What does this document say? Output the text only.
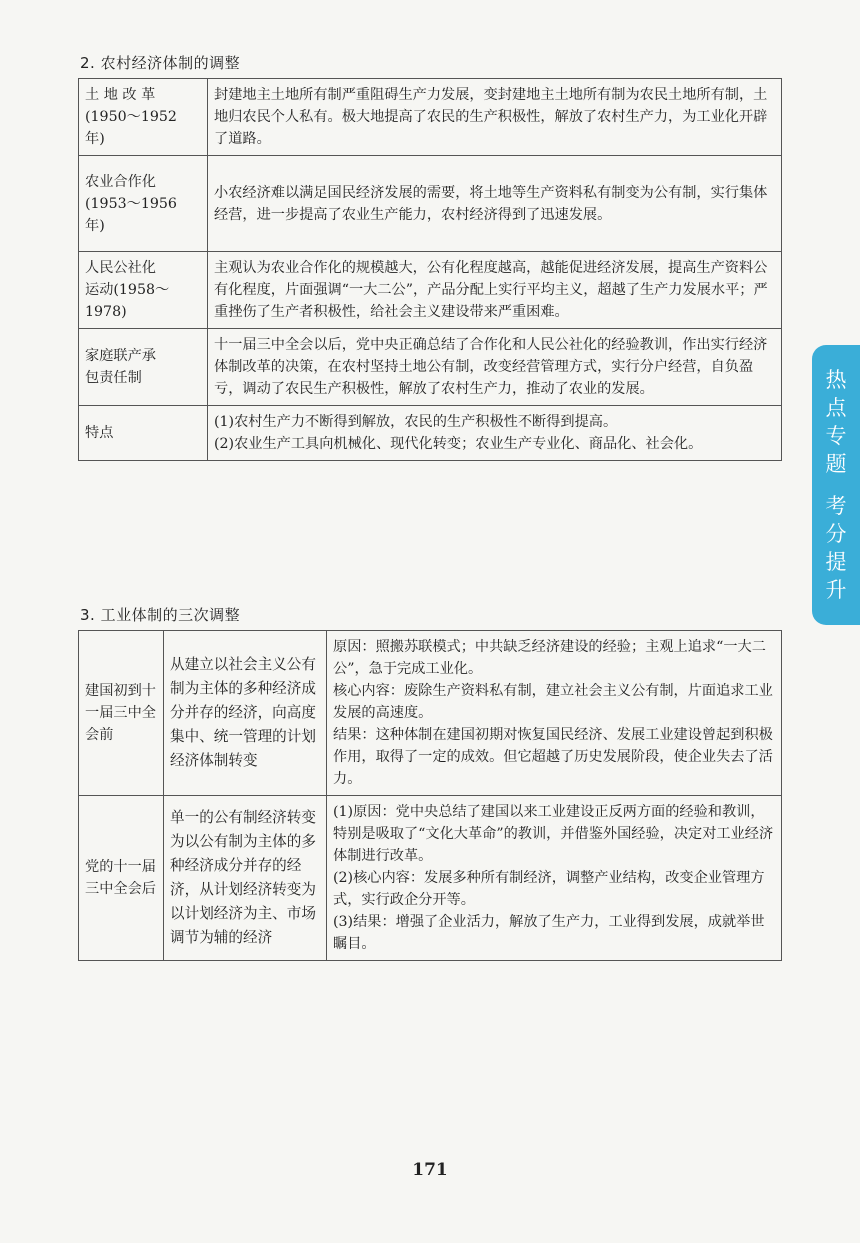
2. 农村经济体制的调整
土 地 改 革
(1950～1952
年)	封建地主土地所有制严重阻碍生产力发展，变封建地主土地所有制为农民土地所有制，土地归农民个人私有。极大地提高了农民的生产积极性，解放了农村生产力，为工业化开辟了道路。

农业合作化
(1953～1956
年)	小农经济难以满足国民经济发展的需要，将土地等生产资料私有制变为公有制，实行集体经营，进一步提高了农业生产能力，农村经济得到了迅速发展。

人民公社化
运动(1958～
1978)	主观认为农业合作化的规模越大，公有化程度越高，越能促进经济发展，提高生产资料公有化程度，片面强调“一大二公”，产品分配上实行平均主义，超越了生产力发展水平；严重挫伤了生产者积极性，给社会主义建设带来严重困难。

家庭联产承
包责任制	十一届三中全会以后，党中央正确总结了合作化和人民公社化的经验教训，作出实行经济体制改革的决策，在农村坚持土地公有制，改变经营管理方式，实行分户经营，自负盈亏，调动了农民生产积极性，解放了农村生产力，推动了农业的发展。
特点	(1)农村生产力不断得到解放，农民的生产积极性不断得到提高。
(2)农业生产工具向机械化、现代化转变；农业生产专业化、商品化、社会化。
3. 工业体制的三次调整
建国初到十一届三中全会前	从建立以社会主义公有制为主体的多种经济成分并存的经济，向高度集中、统一管理的计划经济体制转变	原因：照搬苏联模式；中共缺乏经济建设的经验；主观上追求“一大二公”，急于完成工业化。

核心内容：废除生产资料私有制，建立社会主义公有制，片面追求工业发展的高速度。

结果：这种体制在建国初期对恢复国民经济、发展工业建设曾起到积极作用，取得了一定的成效。但它超越了历史发展阶段，使企业失去了活力。

党的十一届三中全会后	单一的公有制经济转变为以公有制为主体的多种经济成分并存的经济，从计划经济转变为以计划经济为主、市场调节为辅的经济	(1)原因：党中央总结了建国以来工业建设正反两方面的经验和教训，特别是吸取了“文化大革命”的教训，并借鉴外国经验，决定对工业经济体制进行改革。

(2)核心内容：发展多种所有制经济，调整产业结构，改变企业管理方式，实行政企分开等。

(3)结果：增强了企业活力，解放了生产力，工业得到发展，成就举世瞩目。

热
点
专
题
考
分
提
升
171
